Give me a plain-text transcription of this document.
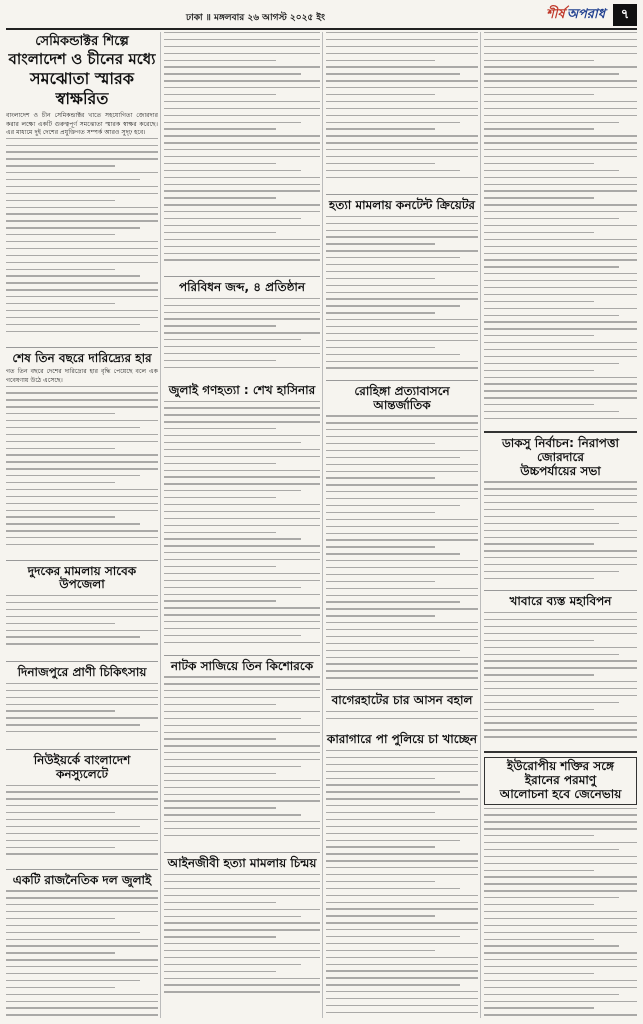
ঢাকা ॥ মঙ্গলবার ২৬ আগস্ট ২০২৫ ইং	শীর্ষ অপরাধ	৭
সেমিকন্ডাক্টর শিল্পে
বাংলাদেশ ও চীনের মধ্যে
সমঝোতা স্মারক স্বাক্ষরিত

বাংলাদেশ ও চীন সেমিকন্ডাক্টর খাতে সহযোগিতা জোরদার করার লক্ষ্যে একটি গুরুত্বপূর্ণ সমঝোতা স্মারক স্বাক্ষর করেছে। এর মাধ্যমে দুই দেশের প্রযুক্তিগত সম্পর্ক আরও সুদৃঢ় হবে।

শেষ তিন বছরে দারিদ্র্যের হার

গত তিন বছরে দেশের দারিদ্র্যের হার বৃদ্ধি পেয়েছে বলে এক গবেষণায় উঠে এসেছে।

দুদকের মামলায় সাবেক উপজেলা
দিনাজপুরে প্রাণী চিকিৎসায়
নিউইয়র্কে বাংলাদেশ কনস্যুলেটে
একটি রাজনৈতিক দল জুলাই
পরিবিধন জব্দ, ৪ প্রতিষ্ঠান
জুলাই গণহত্যা : শেখ হাসিনার
নাটক সাজিয়ে তিন কিশোরকে
আইনজীবী হত্যা মামলায় চিন্ময়
হত্যা মামলায় কনটেন্ট ক্রিয়েটর
রোহিঙ্গা প্রত্যাবাসনে আন্তর্জাতিক
বাগেরহাটের চার আসন বহাল
কারাগারে পা পুলিয়ে চা খাচ্ছেন
ডাকসু নির্বাচন: নিরাপত্তা জোরদারে
উচ্চপর্যায়ের সভা
খাবারে ব্যস্ত মহাবিপন
ইউরোপীয় শক্তির সঙ্গে ইরানের পরমাণু
আলোচনা হবে জেনেভায়
